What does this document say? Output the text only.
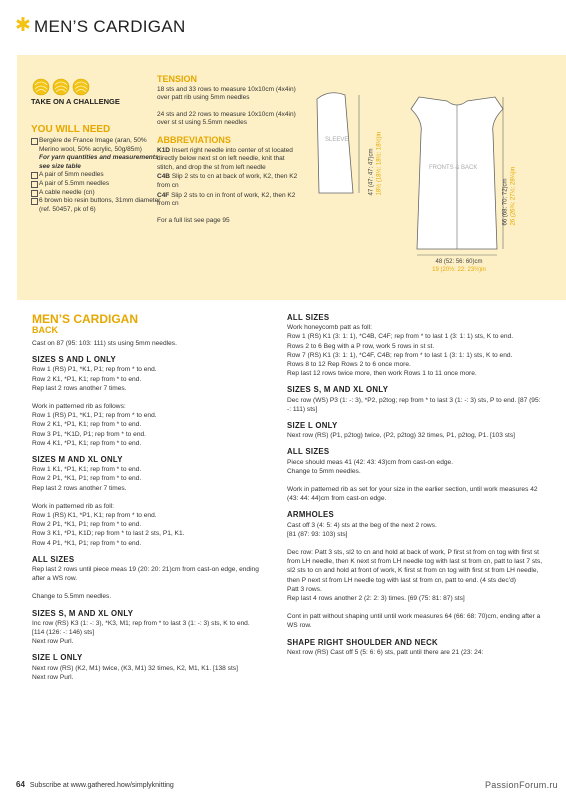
✱ MEN’S CARDIGAN
TAKE ON A CHALLENGE
YOU WILL NEED
Bergère de France Image (aran, 50% Merino wool, 50% acrylic, 50g/85m)
For yarn quantities and measurements see size table
A pair of 5mm needles
A pair of 5.5mm needles
A cable needle (cn)
6 brown bio resin buttons, 31mm diameter (ref. 50457, pk of 6)
TENSION
18 sts and 33 rows to measure 10x10cm (4x4in) over patt rib using 5mm needles
24 sts and 22 rows to measure 10x10cm (4x4in) over st st using 5.5mm needles
ABBREVIATIONS
K1D Insert right needle into center of st located directly below next st on left needle, knit that stitch, and drop the st from left needle
C4B Slip 2 sts to cn at back of work, K2, then K2 from cn
C4F Slip 2 sts to cn in front of work, K2, then K2 from cn
For a full list see page 95
SLEEVE
FRONTS & BACK
47 (47: 47: 47)cm 18½ (18½: 18½: 18½)in
66 (68: 70: 72)cm 26 (26¾: 27½: 28¼)in
48 (52: 56: 60)cm
19 (20½: 22: 23½)in
MEN’S CARDIGAN
BACK
Cast on 87 (95: 103: 111) sts using 5mm needles.
SIZES S AND L ONLY
Row 1 (RS) P1, *K1, P1; rep from * to end.
Row 2 K1, *P1, K1; rep from * to end.
Rep last 2 rows another 7 times.
Work in patterned rib as follows:
Row 1 (RS) P1, *K1, P1; rep from * to end.
Row 2 K1, *P1, K1; rep from * to end.
Row 3 P1, *K1D, P1; rep from * to end.
Row 4 K1, *P1, K1; rep from * to end.
SIZES M AND XL ONLY
Row 1 K1, *P1, K1; rep from * to end.
Row 2 P1, *K1, P1; rep from * to end.
Rep last 2 rows another 7 times.
Work in patterned rib as foll:
Row 1 (RS) K1, *P1, K1; rep from * to end.
Row 2 P1, *K1, P1; rep from * to end.
Row 3 K1, *P1, K1D; rep from * to last 2 sts, P1, K1.
Row 4 P1, *K1, P1; rep from * to end.
ALL SIZES
Rep last 2 rows until piece meas 19 (20: 20: 21)cm from cast-on edge, ending after a WS row.
Change to 5.5mm needles.
SIZES S, M AND XL ONLY
Inc row (RS) K3 (1: -: 3), *K3, M1; rep from * to last 3 (1: -: 3) sts, K to end. [114 (126: -: 146) sts]
Next row Purl.
SIZE L ONLY
Next row (RS) (K2, M1) twice, (K3, M1) 32 times, K2, M1, K1. [138 sts]
Next row Purl.
ALL SIZES
Work honeycomb patt as foll:
Row 1 (RS) K1 (3: 1: 1), *C4B, C4F; rep from * to last 1 (3: 1: 1) sts, K to end.
Rows 2 to 6 Beg with a P row, work 5 rows in st st.
Row 7 (RS) K1 (3: 1: 1), *C4F, C4B; rep from * to last 1 (3: 1: 1) sts, K to end.
Rows 8 to 12 Rep Rows 2 to 6 once more.
Rep last 12 rows twice more, then work Rows 1 to 11 once more.
SIZES S, M AND XL ONLY
Dec row (WS) P3 (1: -: 3), *P2, p2tog; rep from * to last 3 (1: -: 3) sts, P to end. [87 (95: -: 111) sts]
SIZE L ONLY
Next row (RS) (P1, p2tog) twice, (P2, p2tog) 32 times, P1, p2tog, P1. [103 sts]
ALL SIZES
Piece should meas 41 (42: 43: 43)cm from cast-on edge.
Change to 5mm needles.
Work in patterned rib as set for your size in the earlier section, until work measures 42 (43: 44: 44)cm from cast-on edge.
ARMHOLES
Cast off 3 (4: 5: 4) sts at the beg of the next 2 rows.
[81 (87: 93: 103) sts]
Dec row: Patt 3 sts, sl2 to cn and hold at back of work, P first st from cn tog with first st from LH needle, then K next st from LH needle tog with last st from cn, patt to last 7 sts, sl2 sts to cn and hold at front of work, K first st from cn tog with first st from LH needle, then P next st from LH needle tog with last st from cn, patt to end. (4 sts dec’d)
Patt 3 rows.
Rep last 4 rows another 2 (2: 2: 3) times. [69 (75: 81: 87) sts]
Cont in patt without shaping until until work measures 64 (66: 68: 70)cm, ending after a WS row.
SHAPE RIGHT SHOULDER AND NECK
Next row (RS) Cast off 5 (5: 6: 6) sts, patt until there are 21 (23: 24:
64 Subscribe at www.gathered.how/simplyknitting	PassionForum.ru
